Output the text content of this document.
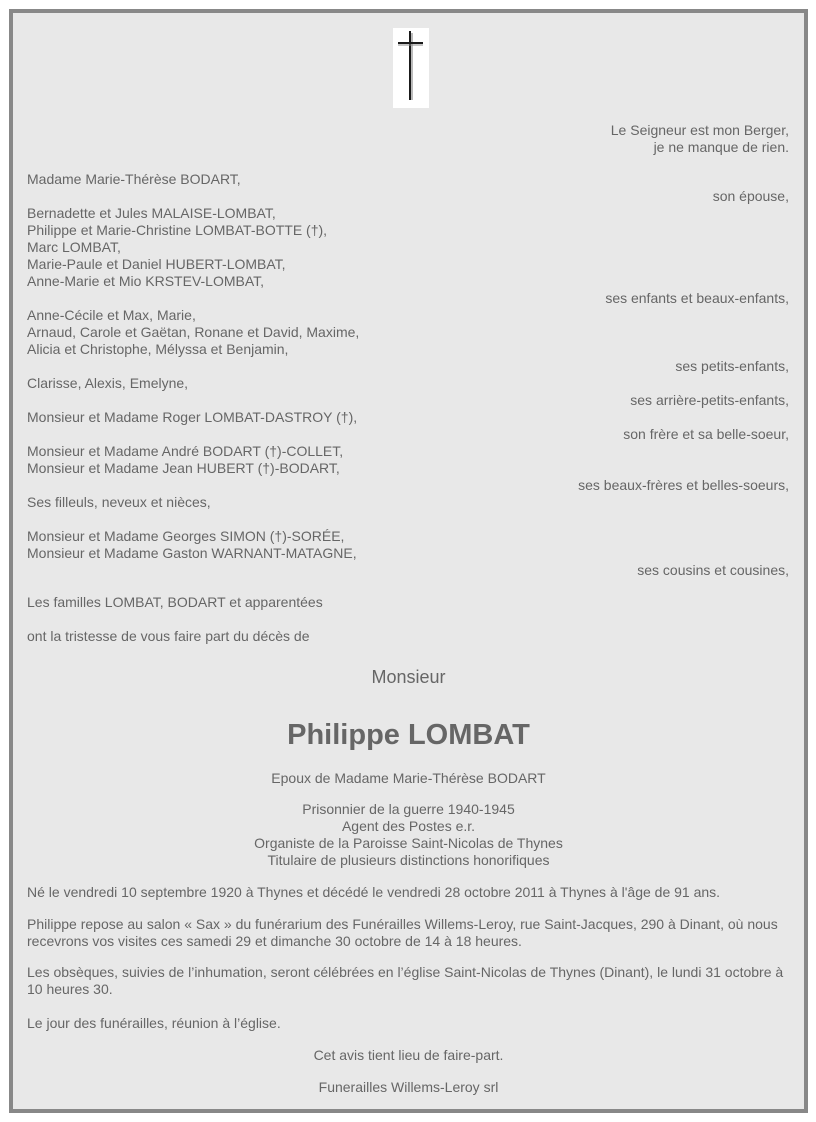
Le Seigneur est mon Berger,

je ne manque de rien.

Madame Marie-Thérèse BODART,

son épouse,

Bernadette et Jules MALAISE-LOMBAT,

Philippe et Marie-Christine LOMBAT-BOTTE (†),

Marc LOMBAT,

Marie-Paule et Daniel HUBERT-LOMBAT,

Anne-Marie et Mio KRSTEV-LOMBAT,

ses enfants et beaux-enfants,

Anne-Cécile et Max, Marie,

Arnaud, Carole et Gaëtan, Ronane et David, Maxime,

Alicia et Christophe, Mélyssa et Benjamin,

ses petits-enfants,

Clarisse, Alexis, Emelyne,

ses arrière-petits-enfants,

Monsieur et Madame Roger LOMBAT-DASTROY (†),

son frère et sa belle-soeur,

Monsieur et Madame André BODART (†)-COLLET,

Monsieur et Madame Jean HUBERT (†)-BODART,

ses beaux-frères et belles-soeurs,

Ses filleuls, neveux et nièces,

Monsieur et Madame Georges SIMON (†)-SORÉE,

Monsieur et Madame Gaston WARNANT-MATAGNE,

ses cousins et cousines,

Les familles LOMBAT, BODART et apparentées

ont la tristesse de vous faire part du décès de

Monsieur

Philippe LOMBAT

Epoux de Madame Marie-Thérèse BODART

Prisonnier de la guerre 1940-1945

Agent des Postes e.r.

Organiste de la Paroisse Saint-Nicolas de Thynes

Titulaire de plusieurs distinctions honorifiques

Né le vendredi 10 septembre 1920 à Thynes et décédé le vendredi 28 octobre 2011 à Thynes à l'âge de 91 ans.

Philippe repose au salon « Sax » du funérarium des Funérailles Willems-Leroy, rue Saint-Jacques, 290 à Dinant, où nous recevrons vos visites ces samedi 29 et dimanche 30 octobre de 14 à 18 heures.

Les obsèques, suivies de l’inhumation, seront célébrées en l’église Saint-Nicolas de Thynes (Dinant), le lundi 31 octobre à 10 heures 30.

Le jour des funérailles, réunion à l’église.

Cet avis tient lieu de faire-part.

Funerailles Willems-Leroy srl
